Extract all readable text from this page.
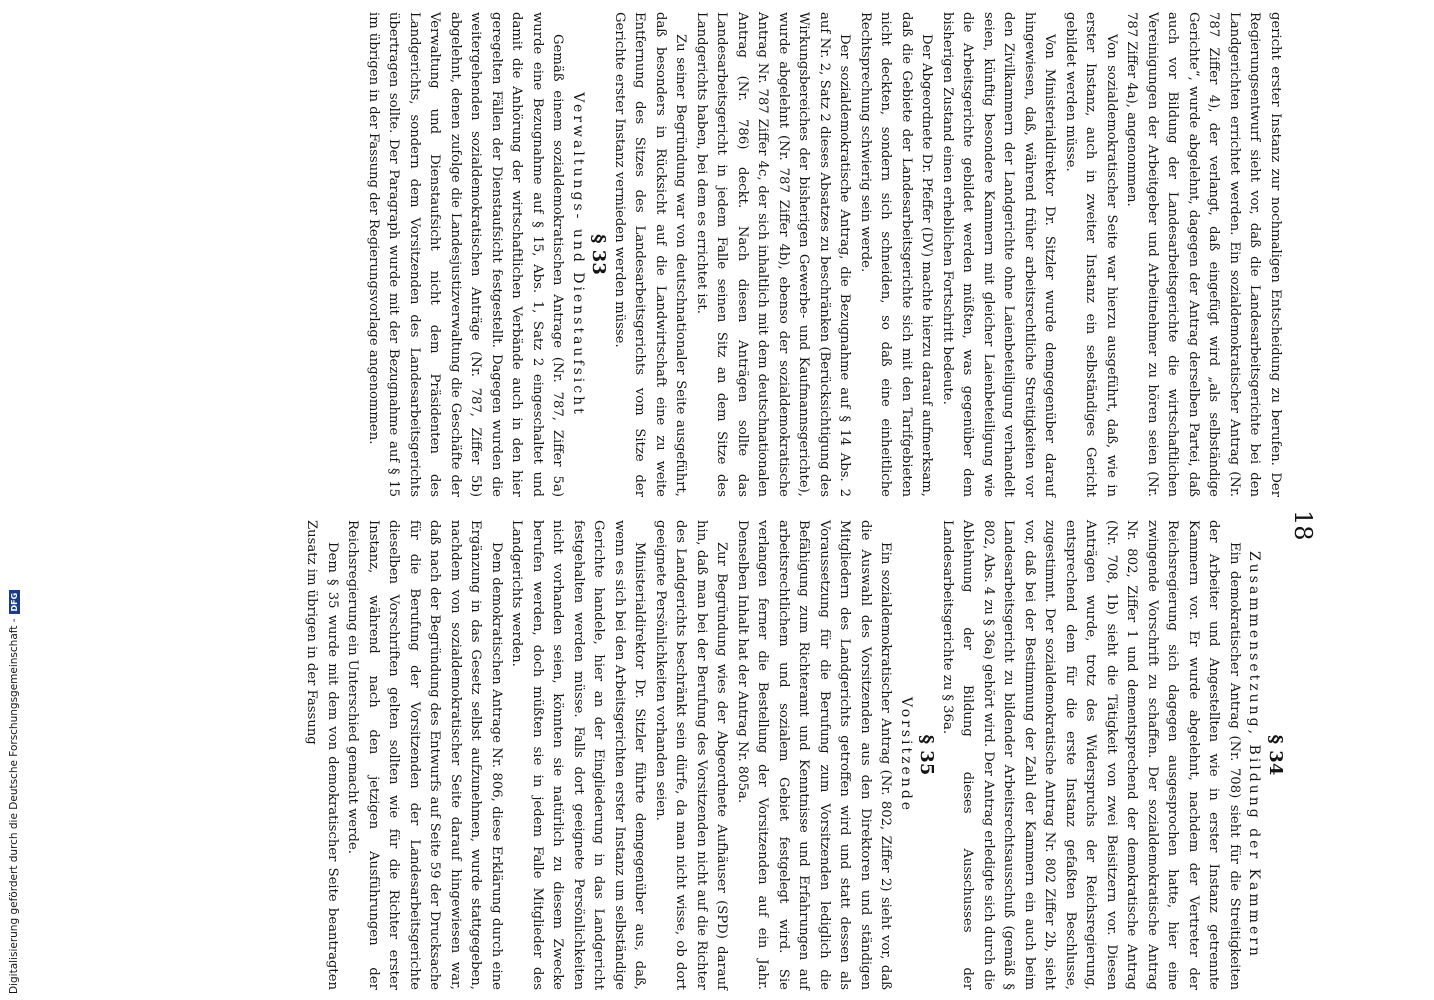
18

gericht erster Instanz zur nochmaligen Entscheidung zu berufen. Der Regierungsentwurf sieht vor, daß die Landesarbeitsgerichte bei den Landgerichten errichtet werden. Ein sozialdemokratischer Antrag (Nr. 787 Ziffer 4), der verlangt, daß eingefügt wird „als selbständige Gerichte“, wurde abgelehnt, dagegen der Antrag derselben Partei, daß auch vor Bildung der Landesarbeitsgerichte die wirtschaftlichen Vereinigungen der Arbeitgeber und Arbeitnehmer zu hören seien (Nr. 787 Ziffer 4a), angenommen.

Von sozialdemokratischer Seite war hierzu ausgeführt, daß, wie in erster Instanz, auch in zweiter Instanz ein selbständiges Gericht gebildet werden müsse.

Von Ministerialdirektor Dr. Sitzler wurde demgegenüber darauf hingewiesen, daß, während früher arbeitsrechtliche Streitigkeiten vor den Zivilkammern der Landgerichte ohne Laienbeteiligung verhandelt seien, künftig besondere Kammern mit gleicher Laienbeteiligung wie die Arbeitsgerichte gebildet werden müßten, was gegenüber dem bisherigen Zustand einen erheblichen Fortschritt bedeute.

Der Abgeordnete Dr. Pfeffer (DV) machte hierzu darauf aufmerksam, daß die Gebiete der Landesarbeitsgerichte sich mit den Tarifgebieten nicht deckten, sondern sich schneiden, so daß eine einheitliche Rechtsprechung schwierig sein werde.

Der sozialdemokratische Antrag, die Bezugnahme auf § 14 Abs. 2 auf Nr. 2, Satz 2 dieses Absatzes zu beschränken (Berücksichtigung des Wirkungsbereiches der bisherigen Gewerbe- und Kaufmannsgerichte), wurde abgelehnt (Nr. 787 Ziffer 4b), ebenso der sozialdemokratische Antrag Nr. 787 Ziffer 4c, der sich inhaltlich mit dem deutschnationalen Antrag (Nr. 786) deckt. Nach diesen Anträgen sollte das Landesarbeitsgericht in jedem Falle seinen Sitz an dem Sitze des Landgerichts haben, bei dem es errichtet ist.

Zu seiner Begründung war von deutschnationaler Seite ausgeführt, daß besonders in Rücksicht auf die Landwirtschaft eine zu weite Entfernung des Sitzes des Landesarbeitsgerichts vom Sitze der Gerichte erster Instanz vermieden werden müsse.

§ 33

Verwaltungs- und Dienstaufsicht

Gemäß einem sozialdemokratischen Antrage (Nr. 787, Ziffer 5a) wurde eine Bezugnahme auf § 15, Abs. 1, Satz 2 eingeschaltet und damit die Anhörung der wirtschaftlichen Verbände auch in den hier geregelten Fällen der Dienstaufsicht festgestellt. Dagegen wurden die weitergehenden sozialdemokratischen Anträge (Nr. 787, Ziffer 5b) abgelehnt, denen zufolge die Landesjustizverwaltung die Geschäfte der Verwaltung und Dienstaufsicht nicht dem Präsidenten des Landgerichts, sondern dem Vorsitzenden des Landesarbeitsgerichts übertragen sollte. Der Paragraph wurde mit der Bezugnahme auf § 15 im übrigen in der Fassung der Regierungsvorlage angenommen.

§ 34

Zusammensetzung, Bildung der Kammern

Ein demokratischer Antrag (Nr. 708) sieht für die Streitigkeiten der Arbeiter und Angestellten wie in erster Instanz getrennte Kammern vor. Er wurde abgelehnt, nachdem der Vertreter der Reichsregierung sich dagegen ausgesprochen hatte, hier eine zwingende Vorschrift zu schaffen. Der sozialdemokratische Antrag Nr. 802, Ziffer 1 und dementsprechend der demokratische Antrag (Nr. 708, 1b) sieht die Tätigkeit von zwei Beisitzern vor. Diesen Anträgen wurde, trotz des Widerspruchs der Reichsregierung, entsprechend dem für die erste Instanz gefaßten Beschlusse, zugestimmt. Der sozialdemokratische Antrag Nr. 802 Ziffer 2b, sieht vor, daß bei der Bestimmung der Zahl der Kammern ein auch beim Landesarbeitsgericht zu bildender Arbeitsrechtsausschuß (gemäß § 802, Abs. 4 zu § 36a) gehört wird. Der Antrag erledigte sich durch die Ablehnung der Bildung dieses Ausschusses der Landesarbeitsgerichte zu § 36a.

§ 35

Vorsitzende

Ein sozialdemokratischer Antrag (Nr. 802, Ziffer 2) sieht vor, daß die Auswahl des Vorsitzenden aus den Direktoren und ständigen Mitgliedern des Landgerichts getroffen wird und statt dessen als Voraussetzung für die Berufung zum Vorsitzenden lediglich die Befähigung zum Richteramt und Kenntnisse und Erfahrungen auf arbeitsrechtlichem und sozialem Gebiet festgelegt wird. Sie verlangen ferner die Bestellung der Vorsitzenden auf ein Jahr. Denselben Inhalt hat der Antrag Nr. 805a.

Zur Begründung wies der Abgeordnete Aufhäuser (SPD) darauf hin, daß man bei der Berufung des Vorsitzenden nicht auf die Richter des Landgerichts beschränkt sein dürfe, da man nicht wisse, ob dort geeignete Persönlichkeiten vorhanden seien.

Ministerialdirektor Dr. Sitzler führte demgegenüber aus, daß, wenn es sich bei den Arbeitsgerichten erster Instanz um selbständige Gerichte handele, hier an der Eingliederung in das Landgericht festgehalten werden müsse. Falls dort geeignete Persönlichkeiten nicht vorhanden seien, könnten sie natürlich zu diesem Zwecke berufen werden, doch müßten sie in jedem Falle Mitglieder des Landgerichts werden.

Dem demokratischen Antrage Nr. 806, diese Erklärung durch eine Ergänzung in das Gesetz selbst aufzunehmen, wurde stattgegeben, nachdem von sozialdemokratischer Seite darauf hingewiesen war, daß nach der Begründung des Entwurfs auf Seite 59 der Drucksache für die Berufung der Vorsitzenden der Landesarbeitsgerichte dieselben Vorschriften gelten sollten wie für die Richter erster Instanz, während nach den jetzigen Ausführungen der Reichsregierung ein Unterschied gemacht werde.

Dem § 35 wurde mit dem von demokratischer Seite beantragten Zusatz im übrigen in der Fassung

Digitalisierung gefördert durch die Deutsche Forschungsgemeinschaft -
DFG
